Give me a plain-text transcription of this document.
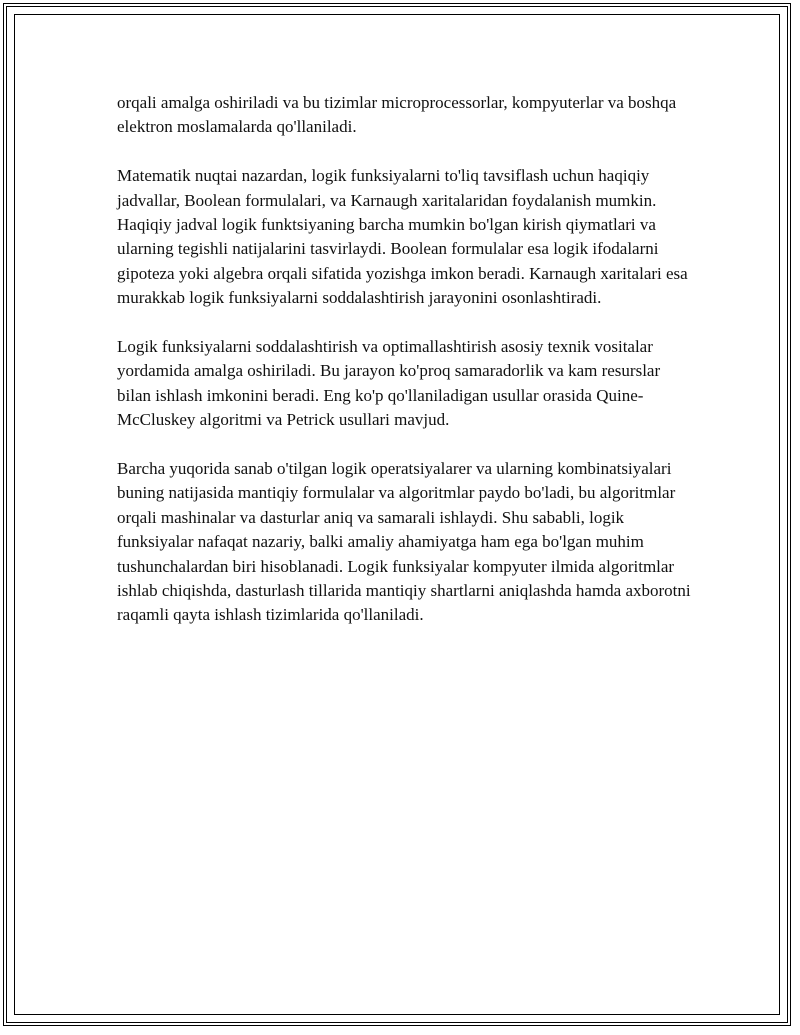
orqali amalga oshiriladi va bu tizimlar microprocessorlar, kompyuterlar va boshqa elektron moslamalarda qo'llaniladi.

Matematik nuqtai nazardan, logik funksiyalarni to'liq tavsiflash uchun haqiqiy jadvallar, Boolean formulalari, va Karnaugh xaritalaridan foydalanish mumkin. Haqiqiy jadval logik funktsiyaning barcha mumkin bo'lgan kirish qiymatlari va ularning tegishli natijalarini tasvirlaydi. Boolean formulalar esa logik ifodalarni gipoteza yoki algebra orqali sifatida yozishga imkon beradi. Karnaugh xaritalari esa murakkab logik funksiyalarni soddalashtirish jarayonini osonlashtiradi.

Logik funksiyalarni soddalashtirish va optimallashtirish asosiy texnik vositalar yordamida amalga oshiriladi. Bu jarayon ko'proq samaradorlik va kam resurslar bilan ishlash imkonini beradi. Eng ko'p qo'llaniladigan usullar orasida Quine-McCluskey algoritmi va Petrick usullari mavjud.

Barcha yuqorida sanab o'tilgan logik operatsiyalarer va ularning kombinatsiyalari buning natijasida mantiqiy formulalar va algoritmlar paydo bo'ladi, bu algoritmlar orqali mashinalar va dasturlar aniq va samarali ishlaydi. Shu sababli, logik funksiyalar nafaqat nazariy, balki amaliy ahamiyatga ham ega bo'lgan muhim tushunchalardan biri hisoblanadi. Logik funksiyalar kompyuter ilmida algoritmlar ishlab chiqishda, dasturlash tillarida mantiqiy shartlarni aniqlashda hamda axborotni raqamli qayta ishlash tizimlarida qo'llaniladi.
